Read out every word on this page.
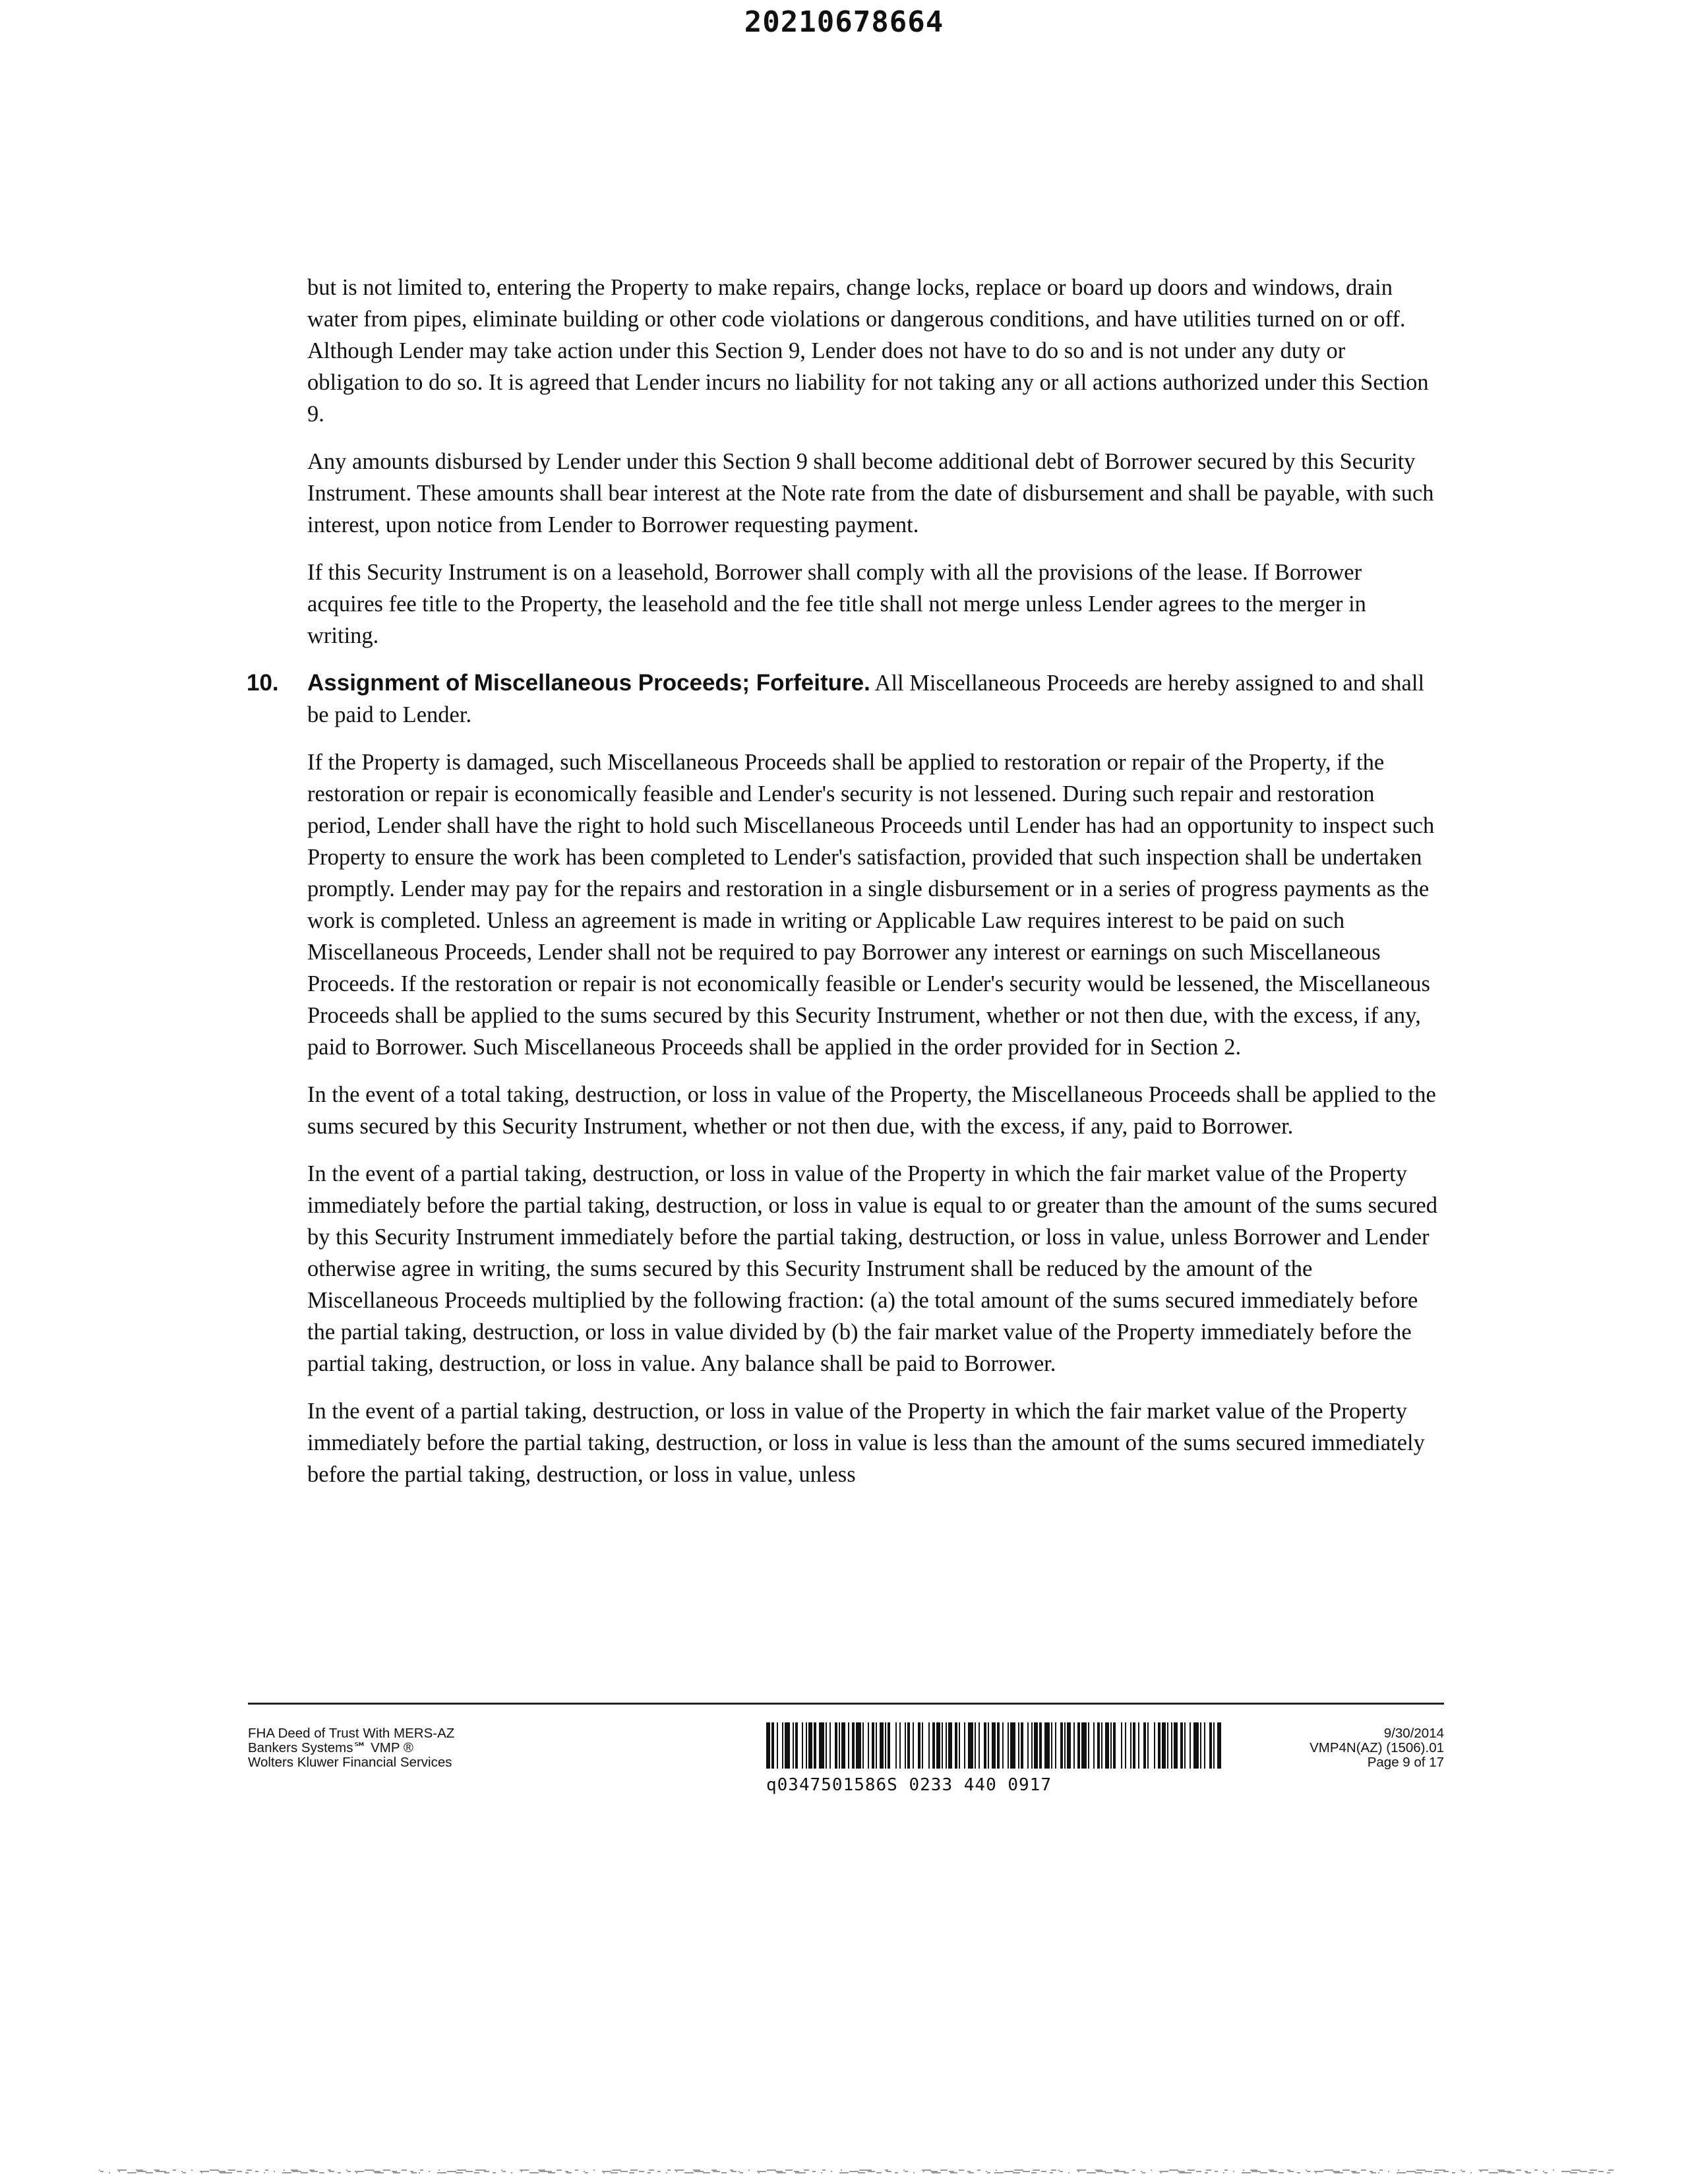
20210678664

but is not limited to, entering the Property to make repairs, change locks, replace or board up doors and windows, drain water from pipes, eliminate building or other code violations or dangerous conditions, and have utilities turned on or off. Although Lender may take action under this Section 9, Lender does not have to do so and is not under any duty or obligation to do so. It is agreed that Lender incurs no liability for not taking any or all actions authorized under this Section 9.

Any amounts disbursed by Lender under this Section 9 shall become additional debt of Borrower secured by this Security Instrument. These amounts shall bear interest at the Note rate from the date of disbursement and shall be payable, with such interest, upon notice from Lender to Borrower requesting payment.

If this Security Instrument is on a leasehold, Borrower shall comply with all the provisions of the lease. If Borrower acquires fee title to the Property, the leasehold and the fee title shall not merge unless Lender agrees to the merger in writing.

10. Assignment of Miscellaneous Proceeds; Forfeiture. All Miscellaneous Proceeds are hereby assigned to and shall be paid to Lender.

If the Property is damaged, such Miscellaneous Proceeds shall be applied to restoration or repair of the Property, if the restoration or repair is economically feasible and Lender's security is not lessened. During such repair and restoration period, Lender shall have the right to hold such Miscellaneous Proceeds until Lender has had an opportunity to inspect such Property to ensure the work has been completed to Lender's satisfaction, provided that such inspection shall be undertaken promptly. Lender may pay for the repairs and restoration in a single disbursement or in a series of progress payments as the work is completed. Unless an agreement is made in writing or Applicable Law requires interest to be paid on such Miscellaneous Proceeds, Lender shall not be required to pay Borrower any interest or earnings on such Miscellaneous Proceeds. If the restoration or repair is not economically feasible or Lender's security would be lessened, the Miscellaneous Proceeds shall be applied to the sums secured by this Security Instrument, whether or not then due, with the excess, if any, paid to Borrower. Such Miscellaneous Proceeds shall be applied in the order provided for in Section 2.

In the event of a total taking, destruction, or loss in value of the Property, the Miscellaneous Proceeds shall be applied to the sums secured by this Security Instrument, whether or not then due, with the excess, if any, paid to Borrower.

In the event of a partial taking, destruction, or loss in value of the Property in which the fair market value of the Property immediately before the partial taking, destruction, or loss in value is equal to or greater than the amount of the sums secured by this Security Instrument immediately before the partial taking, destruction, or loss in value, unless Borrower and Lender otherwise agree in writing, the sums secured by this Security Instrument shall be reduced by the amount of the Miscellaneous Proceeds multiplied by the following fraction: (a) the total amount of the sums secured immediately before the partial taking, destruction, or loss in value divided by (b) the fair market value of the Property immediately before the partial taking, destruction, or loss in value. Any balance shall be paid to Borrower.

In the event of a partial taking, destruction, or loss in value of the Property in which the fair market value of the Property immediately before the partial taking, destruction, or loss in value is less than the amount of the sums secured immediately before the partial taking, destruction, or loss in value, unless

FHA Deed of Trust With MERS-AZ
Bankers Systems℠ VMP ®
Wolters Kluwer Financial Services
q0347501586S 0233 440 0917
9/30/2014
VMP4N(AZ) (1506).01
Page 9 of 17
